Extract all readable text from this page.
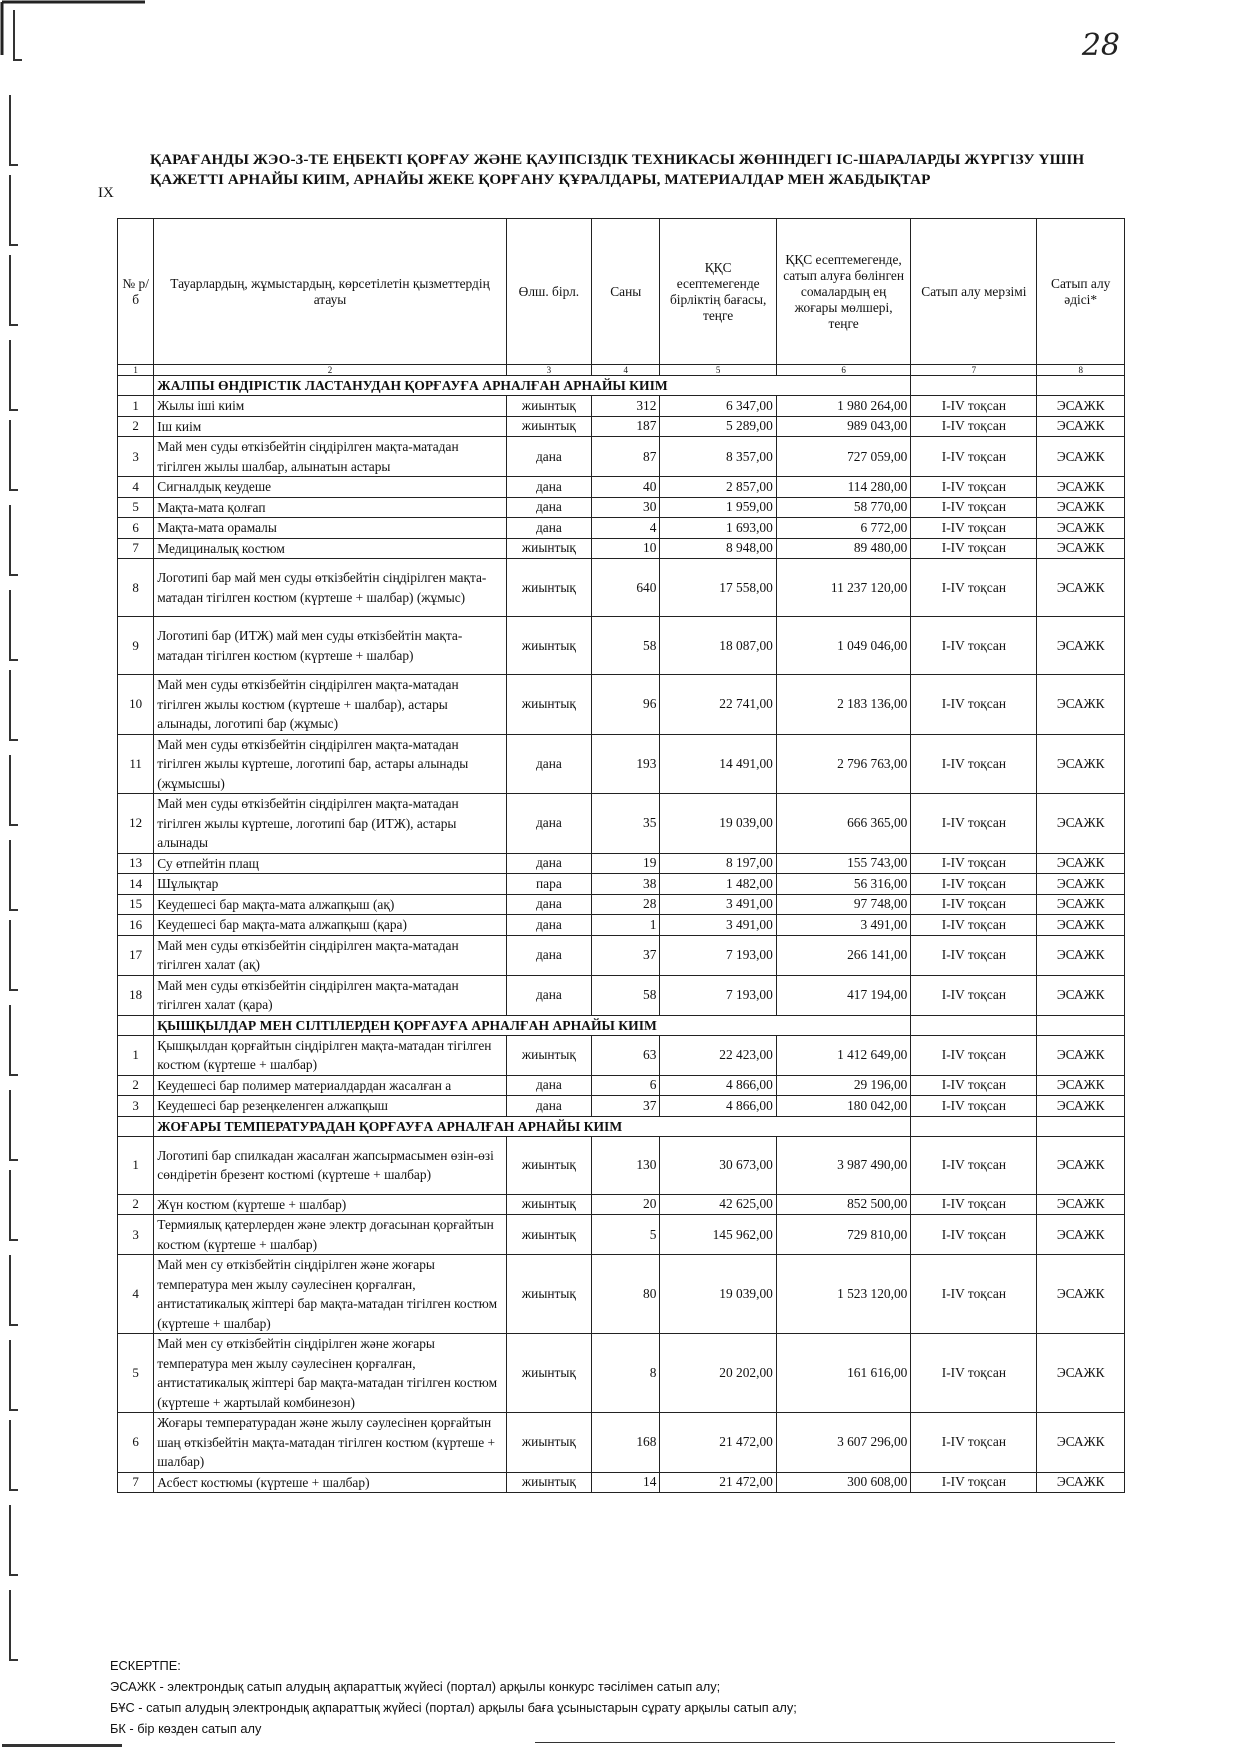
28
IX
ҚАРАҒАНДЫ ЖЭО-3-ТЕ ЕҢБЕКТІ ҚОРҒАУ ЖӘНЕ ҚАУІПСІЗДІК ТЕХНИКАСЫ ЖӨНІНДЕГІ ІС-ШАРАЛАРДЫ ЖҮРГІЗУ ҮШІН ҚАЖЕТТІ АРНАЙЫ КИІМ, АРНАЙЫ ЖЕКЕ ҚОРҒАНУ ҚҰРАЛДАРЫ, МАТЕРИАЛДАР МЕН ЖАБДЫҚТАР
№ р/б	Тауарлардың, жұмыстардың, көрсетілетін қызметтердің атауы	Өлш. бірл.	Саны	ҚҚС есептемегенде бірліктің бағасы, теңге	ҚҚС есептемегенде, сатып алуға бөлінген сомалардың ең жоғары мөлшері, теңге	Сатып алу мерзімі	Сатып алу әдісі*
1	2	3	4	5	6	7	8
	ЖАЛПЫ ӨНДІРІСТІК ЛАСТАНУДАН ҚОРҒАУҒА АРНАЛҒАН АРНАЙЫ КИІМ						
1	Жылы іші киім	жиынтық	312	6 347,00	1 980 264,00	I-IV тоқсан	ЭСАЖК
2	Іш киім	жиынтық	187	5 289,00	989 043,00	I-IV тоқсан	ЭСАЖК
3	Май мен суды өткізбейтін сіңдірілген мақта-матадан тігілген жылы шалбар, алынатын астары	дана	87	8 357,00	727 059,00	I-IV тоқсан	ЭСАЖК
4	Сигналдық кеудеше	дана	40	2 857,00	114 280,00	I-IV тоқсан	ЭСАЖК
5	Мақта-мата қолғап	дана	30	1 959,00	58 770,00	I-IV тоқсан	ЭСАЖК
6	Мақта-мата орамалы	дана	4	1 693,00	6 772,00	I-IV тоқсан	ЭСАЖК
7	Медициналық костюм	жиынтық	10	8 948,00	89 480,00	I-IV тоқсан	ЭСАЖК
8	Логотипі бар май мен суды өткізбейтін сіңдірілген мақта-матадан тігілген костюм (күртеше + шалбар) (жұмыс)	жиынтық	640	17 558,00	11 237 120,00	I-IV тоқсан	ЭСАЖК
9	Логотипі бар (ИТЖ) май мен суды өткізбейтін мақта-матадан тігілген костюм (күртеше + шалбар)	жиынтық	58	18 087,00	1 049 046,00	I-IV тоқсан	ЭСАЖК
10	Май мен суды өткізбейтін сіңдірілген мақта-матадан тігілген жылы костюм (күртеше + шалбар), астары алынады, логотипі бар (жұмыс)	жиынтық	96	22 741,00	2 183 136,00	I-IV тоқсан	ЭСАЖК
11	Май мен суды өткізбейтін сіңдірілген мақта-матадан тігілген жылы күртеше, логотипі бар, астары алынады (жұмысшы)	дана	193	14 491,00	2 796 763,00	I-IV тоқсан	ЭСАЖК
12	Май мен суды өткізбейтін сіңдірілген мақта-матадан тігілген жылы күртеше, логотипі бар (ИТЖ), астары алынады	дана	35	19 039,00	666 365,00	I-IV тоқсан	ЭСАЖК
13	Су өтпейтін плащ	дана	19	8 197,00	155 743,00	I-IV тоқсан	ЭСАЖК
14	Шұлықтар	пара	38	1 482,00	56 316,00	I-IV тоқсан	ЭСАЖК
15	Кеудешесі бар мақта-мата алжапқыш (ақ)	дана	28	3 491,00	97 748,00	I-IV тоқсан	ЭСАЖК
16	Кеудешесі бар мақта-мата алжапқыш (қара)	дана	1	3 491,00	3 491,00	I-IV тоқсан	ЭСАЖК
17	Май мен суды өткізбейтін сіңдірілген мақта-матадан тігілген халат (ақ)	дана	37	7 193,00	266 141,00	I-IV тоқсан	ЭСАЖК
18	Май мен суды өткізбейтін сіңдірілген мақта-матадан тігілген халат (қара)	дана	58	7 193,00	417 194,00	I-IV тоқсан	ЭСАЖК
	ҚЫШҚЫЛДАР МЕН СІЛТІЛЕРДЕН ҚОРҒАУҒА АРНАЛҒАН АРНАЙЫ КИІМ						
1	Қышқылдан қорғайтын сіңдірілген мақта-матадан тігілген костюм (күртеше + шалбар)	жиынтық	63	22 423,00	1 412 649,00	I-IV тоқсан	ЭСАЖК
2	Кеудешесі бар полимер материалдардан жасалған а	дана	6	4 866,00	29 196,00	I-IV тоқсан	ЭСАЖК
3	Кеудешесі бар резеңкеленген алжапқыш	дана	37	4 866,00	180 042,00	I-IV тоқсан	ЭСАЖК
	ЖОҒАРЫ ТЕМПЕРАТУРАДАН ҚОРҒАУҒА АРНАЛҒАН АРНАЙЫ КИІМ						
1	Логотипі бар спилкадан жасалған жапсырмасымен өзін-өзі сөндіретін брезент костюмі (күртеше + шалбар)	жиынтық	130	30 673,00	3 987 490,00	I-IV тоқсан	ЭСАЖК
2	Жүн костюм (күртеше + шалбар)	жиынтық	20	42 625,00	852 500,00	I-IV тоқсан	ЭСАЖК
3	Термиялық қатерлерден және электр доғасынан қорғайтын костюм (күртеше + шалбар)	жиынтық	5	145 962,00	729 810,00	I-IV тоқсан	ЭСАЖК
4	Май мен су өткізбейтін сіңдірілген және жоғары температура мен жылу сәулесінен қорғалған, антистатикалық жіптері бар мақта-матадан тігілген костюм (күртеше + шалбар)	жиынтық	80	19 039,00	1 523 120,00	I-IV тоқсан	ЭСАЖК
5	Май мен су өткізбейтін сіңдірілген және жоғары температура мен жылу сәулесінен қорғалған, антистатикалық жіптері бар мақта-матадан тігілген костюм (күртеше + жартылай комбинезон)	жиынтық	8	20 202,00	161 616,00	I-IV тоқсан	ЭСАЖК
6	Жоғары температурадан және жылу сәулесінен қорғайтын шаң өткізбейтін мақта-матадан тігілген костюм (күртеше + шалбар)	жиынтық	168	21 472,00	3 607 296,00	I-IV тоқсан	ЭСАЖК
7	Асбест костюмы (күртеше + шалбар)	жиынтық	14	21 472,00	300 608,00	I-IV тоқсан	ЭСАЖК
ЕСКЕРТПЕ:
ЭСАЖК - электрондық сатып алудың ақпараттық жүйесі (портал) арқылы конкурс тәсілімен сатып алу;
БҰС - сатып алудың электрондық ақпараттық жүйесі (портал) арқылы баға ұсыныстарын сұрату арқылы сатып алу;
БК - бір көзден сатып алу
